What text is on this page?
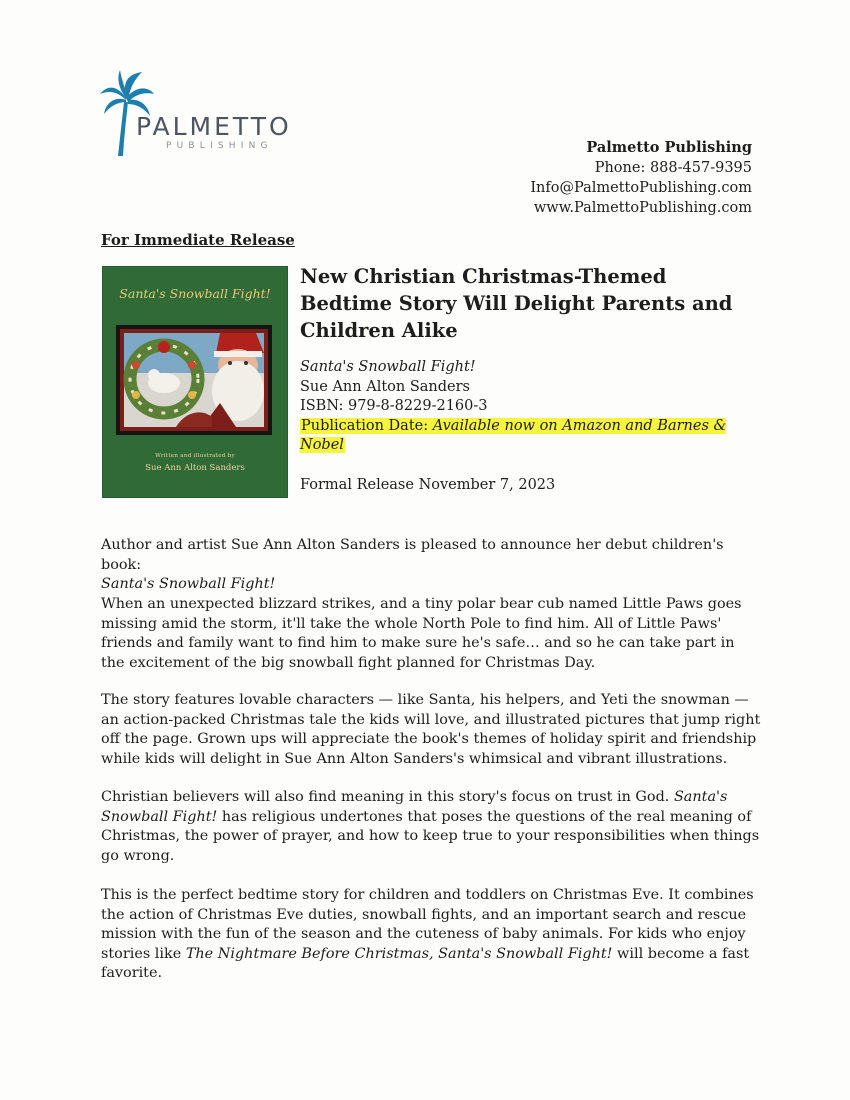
PALMETTO
PUBLISHING	Palmetto Publishing
Phone: 888-457-9395
Info@PalmettoPublishing.com
www.PalmettoPublishing.com
For Immediate Release
Santa's Snowball Fight!
Written and illustrated by
Sue Ann Alton Sanders
New Christian Christmas-Themed Bedtime Story Will Delight Parents and Children Alike
Santa's Snowball Fight!
Sue Ann Alton Sanders
ISBN: 979-8-8229-2160-3
Publication Date: Available now on Amazon and Barnes & Nobel
Formal Release November 7, 2023

Author and artist Sue Ann Alton Sanders is pleased to announce her debut children's book:
Santa's Snowball Fight!

When an unexpected blizzard strikes, and a tiny polar bear cub named Little Paws goes missing amid the storm, it'll take the whole North Pole to find him. All of Little Paws' friends and family want to find him to make sure he's safe… and so he can take part in the excitement of the big snowball fight planned for Christmas Day.

The story features lovable characters — like Santa, his helpers, and Yeti the snowman — an action-packed Christmas tale the kids will love, and illustrated pictures that jump right off the page. Grown ups will appreciate the book's themes of holiday spirit and friendship while kids will delight in Sue Ann Alton Sanders's whimsical and vibrant illustrations.

Christian believers will also find meaning in this story's focus on trust in God. Santa's Snowball Fight! has religious undertones that poses the questions of the real meaning of Christmas, the power of prayer, and how to keep true to your responsibilities when things go wrong.

This is the perfect bedtime story for children and toddlers on Christmas Eve. It combines the action of Christmas Eve duties, snowball fights, and an important search and rescue mission with the fun of the season and the cuteness of baby animals. For kids who enjoy stories like The Nightmare Before Christmas, Santa's Snowball Fight! will become a fast favorite.
